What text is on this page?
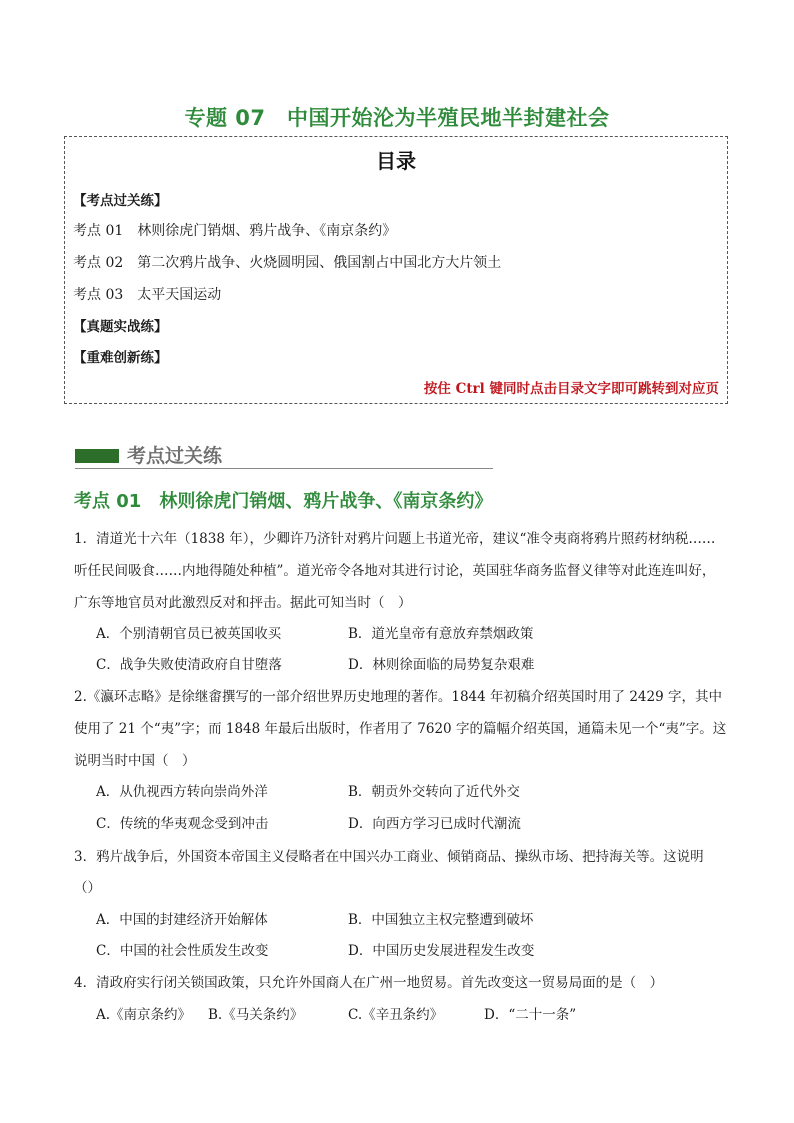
专题 07　中国开始沦为半殖民地半封建社会
目录
【考点过关练】
考点 01　林则徐虎门销烟、鸦片战争、《南京条约》
考点 02　第二次鸦片战争、火烧圆明园、俄国割占中国北方大片领土
考点 03　太平天国运动
【真题实战练】
【重难创新练】
按住 Ctrl 键同时点击目录文字即可跳转到对应页
考点过关练
考点 01　林则徐虎门销烟、鸦片战争、《南京条约》
1．清道光十六年（1838 年），少卿许乃济针对鸦片问题上书道光帝，建议“准令夷商将鸦片照药材纳税……
听任民间吸食……内地得随处种植”。道光帝令各地对其进行讨论，英国驻华商务监督义律等对此连连叫好，
广东等地官员对此激烈反对和抨击。据此可知当时（　）
A．个别清朝官员已被英国收买	B．道光皇帝有意放弃禁烟政策
C．战争失败使清政府自甘堕落	D．林则徐面临的局势复杂艰难
2.《瀛环志略》是徐继畬撰写的一部介绍世界历史地理的著作。1844 年初稿介绍英国时用了 2429 字，其中
使用了 21 个“夷”字；而 1848 年最后出版时，作者用了 7620 字的篇幅介绍英国，通篇未见一个“夷”字。这
说明当时中国（　）
A．从仇视西方转向崇尚外洋	B．朝贡外交转向了近代外交
C．传统的华夷观念受到冲击	D．向西方学习已成时代潮流
3．鸦片战争后，外国资本帝国主义侵略者在中国兴办工商业、倾销商品、操纵市场、把持海关等。这说明
（）
A．中国的封建经济开始解体	B．中国独立主权完整遭到破坏
C．中国的社会性质发生改变	D．中国历史发展进程发生改变
4．清政府实行闭关锁国政策，只允许外国商人在广州一地贸易。首先改变这一贸易局面的是（　）
A.《南京条约》 B.《马关条约》	C.《辛丑条约》	D．“二十一条”
